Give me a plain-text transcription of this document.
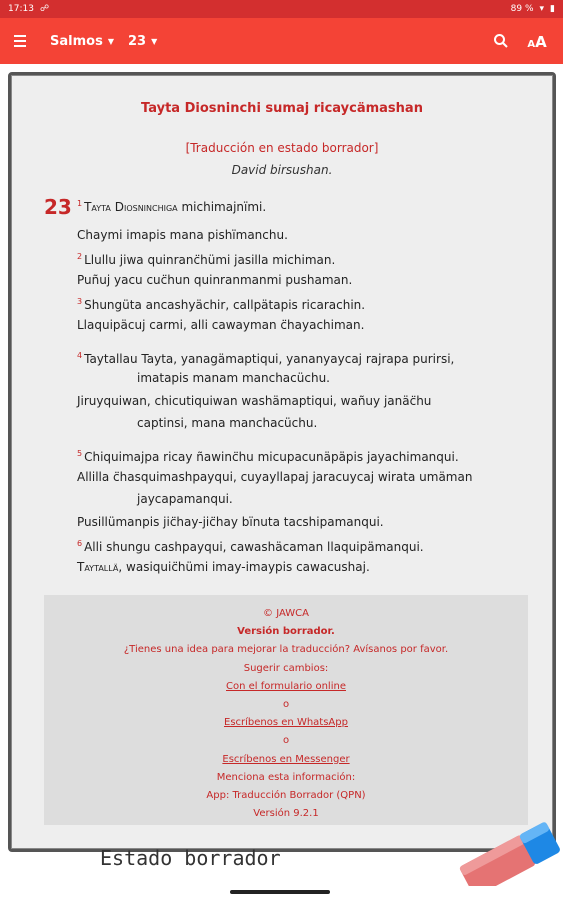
17:13 ☍	89 % ▾ ▮
Salmos ▼ 23 ▼	AA
Tayta Diosninchi sumaj ricaycämashan
[Traducción en estado borrador]
David birsushan.
23 $^1$ Tayta Diosninchiga michimajnïmi.
Chaymi imapis mana pishïmanchu.
$^2$ Llullu jiwa quinranc̈hümi jasilla michiman.
Puñuj yacu cuc̈hun quinranmanmi pushaman.
$^3$ Shungüta ancashyächir, callpätapis ricarachin.
Llaquipäcuj carmi, alli cawayman c̈hayachiman.
$^4$ Taytallau Tayta, yanagämaptiqui, yananyaycaj rajrapa purirsi,
imatapis manam manchacüchu.
Jiruyquiwan, chicutiquiwan washämaptiqui, wañuy janäc̈hu
captinsi, mana manchacüchu.
$^5$ Chiquimajpa ricay ñawinc̈hu micupacunäpäpis jayachimanqui.
Allilla c̈hasquimashpayqui, cuyayllapaj jaracuycaj wirata umäman
jaycapamanqui.
Pusillümanpis jic̈hay-jic̈hay bïnuta tacshipamanqui.
$^6$ Alli shungu cashpayqui, cawashäcaman llaquipämanqui.
Taytallä, wasiquic̈hümi imay-imaypis cawacushaj.
© JAWCA
Versión borrador.
¿Tienes una idea para mejorar la traducción? Avísanos por favor.
Sugerir cambios:
Con el formulario online
o
Escríbenos en WhatsApp
o
Escríbenos en Messenger
Menciona esta información:
App: Traducción Borrador (QPN)
Versión 9.2.1
Estado borrador
